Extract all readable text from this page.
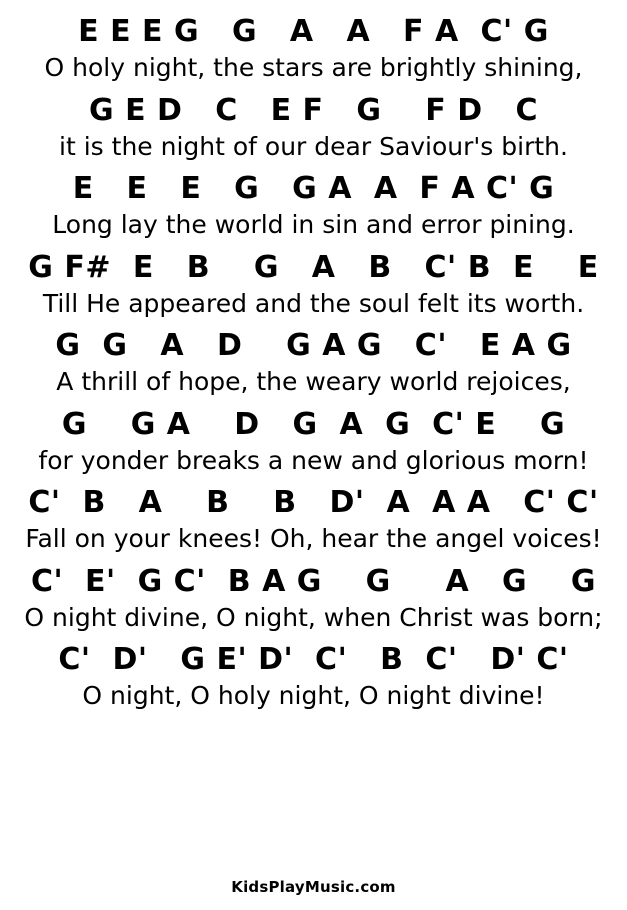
E E E G   G   A   A   F A  C' G
O holy night, the stars are brightly shining,
G E D   C   E F   G    F D   C
it is the night of our dear Saviour's birth.
E   E   E   G   G A  A  F A C' G
Long lay the world in sin and error pining.
G F#  E   B    G   A   B   C' B  E    E
Till He appeared and the soul felt its worth.
G  G   A   D    G A G   C'   E A G
A thrill of hope, the weary world rejoices,
G    G A    D   G  A  G  C' E    G
for yonder breaks a new and glorious morn!
C'  B   A    B    B   D'  A  A A   C' C'
Fall on your knees! Oh, hear the angel voices!
C'  E'  G C'  B A G    G     A   G    G
O night divine, O night, when Christ was born;
C'  D'   G E' D'  C'   B  C'   D' C'
O night, O holy night, O night divine!
KidsPlayMusic.com
